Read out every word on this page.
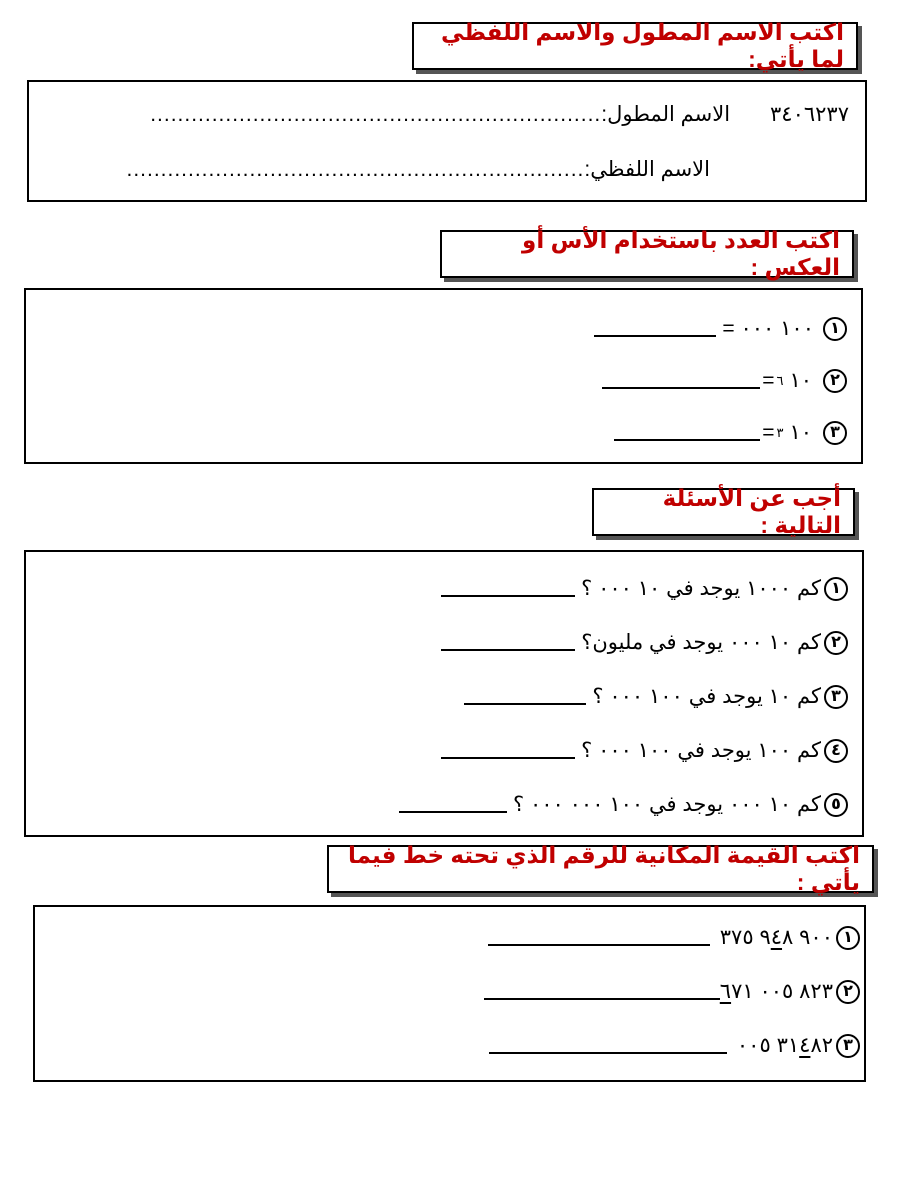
اكتب الاسم المطول والاسم اللفظي لما يأتي:
٣٤٠٦٢٣٧
الاسم المطول:
..................................................................
الاسم اللفظي:
...................................................................
اكتب العدد باستخدام الأس أو العكس :
١
١٠٠ ٠٠٠ =
٢
١٠
٦
=
٣
١٠
٣
=
أجب عن الأسئلة التالية :
١
كم ١٠٠٠ يوجد في ١٠ ٠٠٠ ؟
٢
كم ١٠ ٠٠٠ يوجد في مليون؟
٣
كم ١٠ يوجد في ١٠٠ ٠٠٠ ؟
٤
كم ١٠٠ يوجد في ١٠٠ ٠٠٠ ؟
٥
كم ١٠ ٠٠٠ يوجد في ١٠٠ ٠٠٠ ٠٠٠ ؟
اكتب القيمة المكانية للرقم الذي تحته خط فيما يأتي :
١
٩٠٠ ٨
٤
٩ ٣٧٥
٢
٨٢٣ ٠٠٥ ٧١
٦
٣
٨٢
٤
٣١ ٠٠٥
